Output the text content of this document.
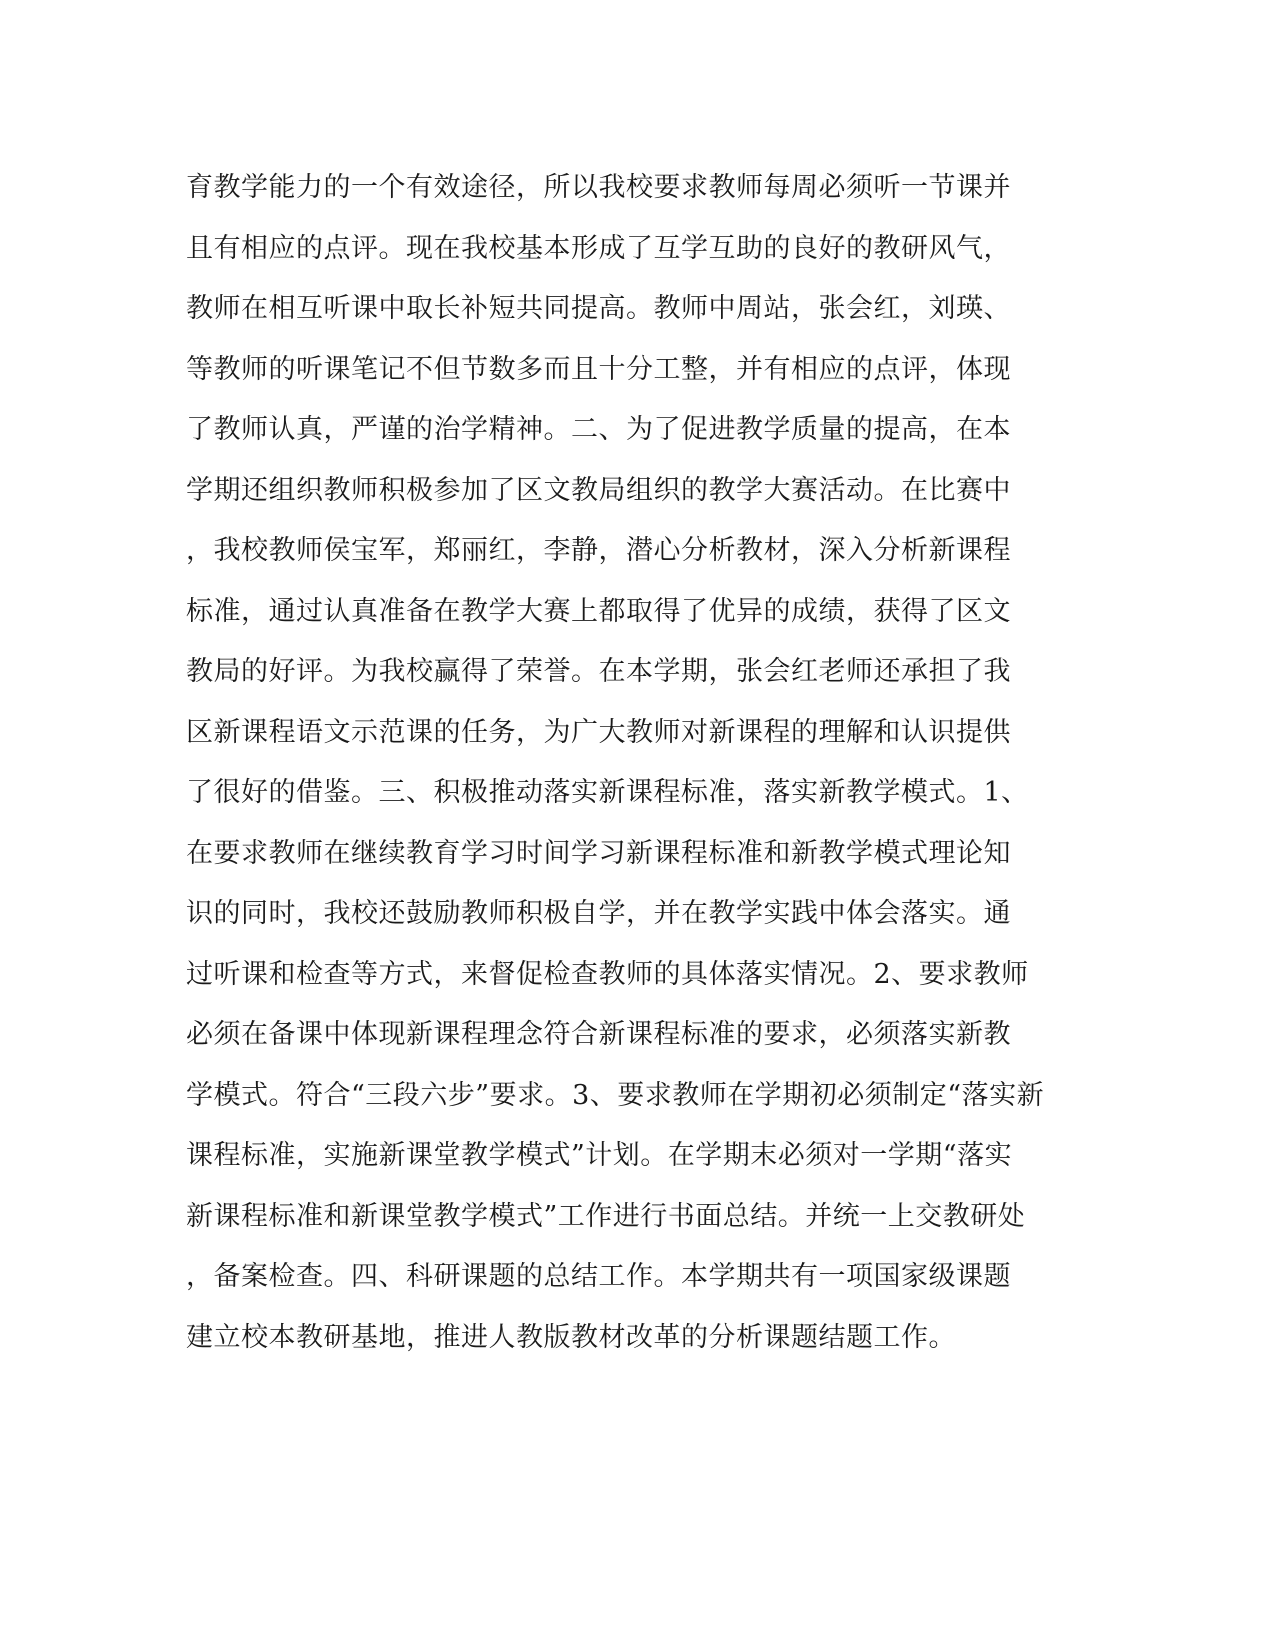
育教学能力的一个有效途径，所以我校要求教师每周必须听一节课并
且有相应的点评。现在我校基本形成了互学互助的良好的教研风气，
教师在相互听课中取长补短共同提高。教师中周站，张会红，刘瑛、
等教师的听课笔记不但节数多而且十分工整，并有相应的点评，体现
了教师认真，严谨的治学精神。二、为了促进教学质量的提高，在本
学期还组织教师积极参加了区文教局组织的教学大赛活动。在比赛中
，我校教师侯宝军，郑丽红，李静，潜心分析教材，深入分析新课程
标准，通过认真准备在教学大赛上都取得了优异的成绩，获得了区文
教局的好评。为我校赢得了荣誉。在本学期，张会红老师还承担了我
区新课程语文示范课的任务，为广大教师对新课程的理解和认识提供
了很好的借鉴。三、积极推动落实新课程标准，落实新教学模式。1、
在要求教师在继续教育学习时间学习新课程标准和新教学模式理论知
识的同时，我校还鼓励教师积极自学，并在教学实践中体会落实。通
过听课和检查等方式，来督促检查教师的具体落实情况。2、要求教师
必须在备课中体现新课程理念符合新课程标准的要求，必须落实新教
学模式。符合“三段六步”要求。3、要求教师在学期初必须制定“落实新
课程标准，实施新课堂教学模式”计划。在学期末必须对一学期“落实
新课程标准和新课堂教学模式”工作进行书面总结。并统一上交教研处
，备案检查。四、科研课题的总结工作。本学期共有一项国家级课题
建立校本教研基地，推进人教版教材改革的分析课题结题工作。
